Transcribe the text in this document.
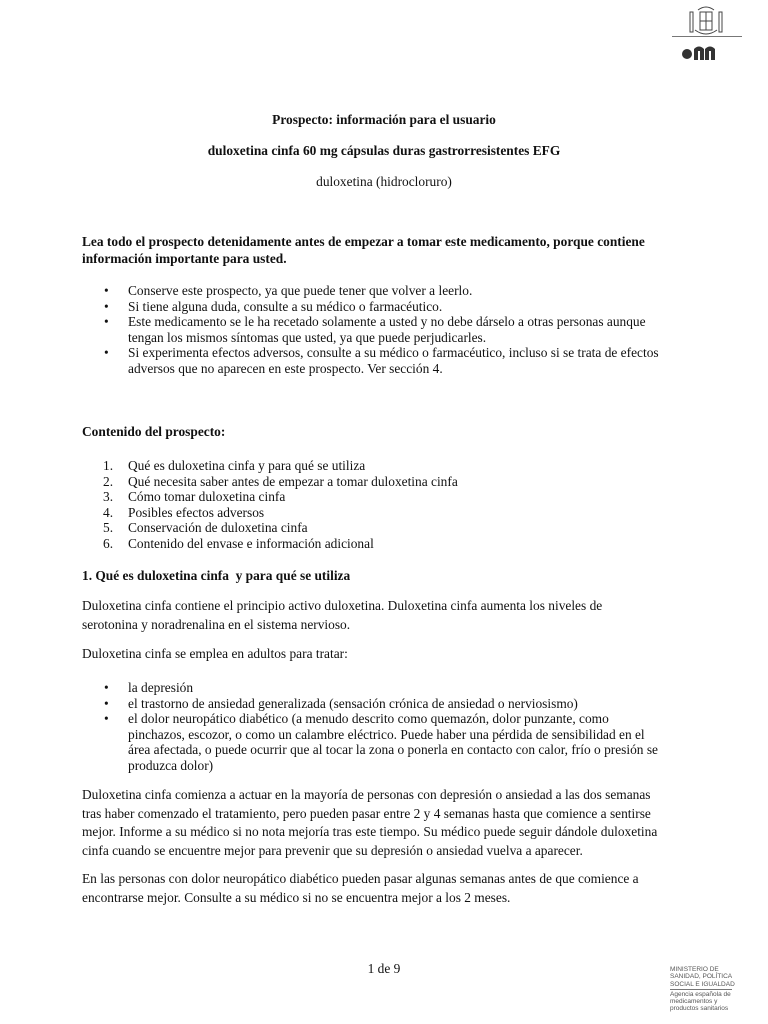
Prospecto: información para el usuario
duloxetina cinfa 60 mg cápsulas duras gastrorresistentes EFG
duloxetina (hidrocloruro)
Lea todo el prospecto detenidamente antes de empezar a tomar este medicamento, porque contiene
información importante para usted.
• Conserve este prospecto, ya que puede tener que volver a leerlo.
• Si tiene alguna duda, consulte a su médico o farmacéutico.
• Este medicamento se le ha recetado solamente a usted y no debe dárselo a otras personas aunque
tengan los mismos síntomas que usted, ya que puede perjudicarles.
• Si experimenta efectos adversos, consulte a su médico o farmacéutico, incluso si se trata de efectos
adversos que no aparecen en este prospecto. Ver sección 4.
Contenido del prospecto:
1. Qué es duloxetina cinfa y para qué se utiliza
2. Qué necesita saber antes de empezar a tomar duloxetina cinfa
3. Cómo tomar duloxetina cinfa
4. Posibles efectos adversos
5. Conservación de duloxetina cinfa
6. Contenido del envase e información adicional
1. Qué es duloxetina cinfa  y para qué se utiliza

Duloxetina cinfa contiene el principio activo duloxetina. Duloxetina cinfa aumenta los niveles de
serotonina y noradrenalina en el sistema nervioso.

Duloxetina cinfa se emplea en adultos para tratar:

• la depresión
• el trastorno de ansiedad generalizada (sensación crónica de ansiedad o nerviosismo)
• el dolor neuropático diabético (a menudo descrito como quemazón, dolor punzante, como
pinchazos, escozor, o como un calambre eléctrico. Puede haber una pérdida de sensibilidad en el
área afectada, o puede ocurrir que al tocar la zona o ponerla en contacto con calor, frío o presión se
produzca dolor)

Duloxetina cinfa comienza a actuar en la mayoría de personas con depresión o ansiedad a las dos semanas
tras haber comenzado el tratamiento, pero pueden pasar entre 2 y 4 semanas hasta que comience a sentirse
mejor. Informe a su médico si no nota mejoría tras este tiempo. Su médico puede seguir dándole duloxetina
cinfa cuando se encuentre mejor para prevenir que su depresión o ansiedad vuelva a aparecer.

En las personas con dolor neuropático diabético pueden pasar algunas semanas antes de que comience a
encontrarse mejor. Consulte a su médico si no se encuentra mejor a los 2 meses.

1 de 9	MINISTERIO DE
SANIDAD, POLÍTICA
SOCIAL E IGUALDAD
Agencia española de
medicamentos y
productos sanitarios
